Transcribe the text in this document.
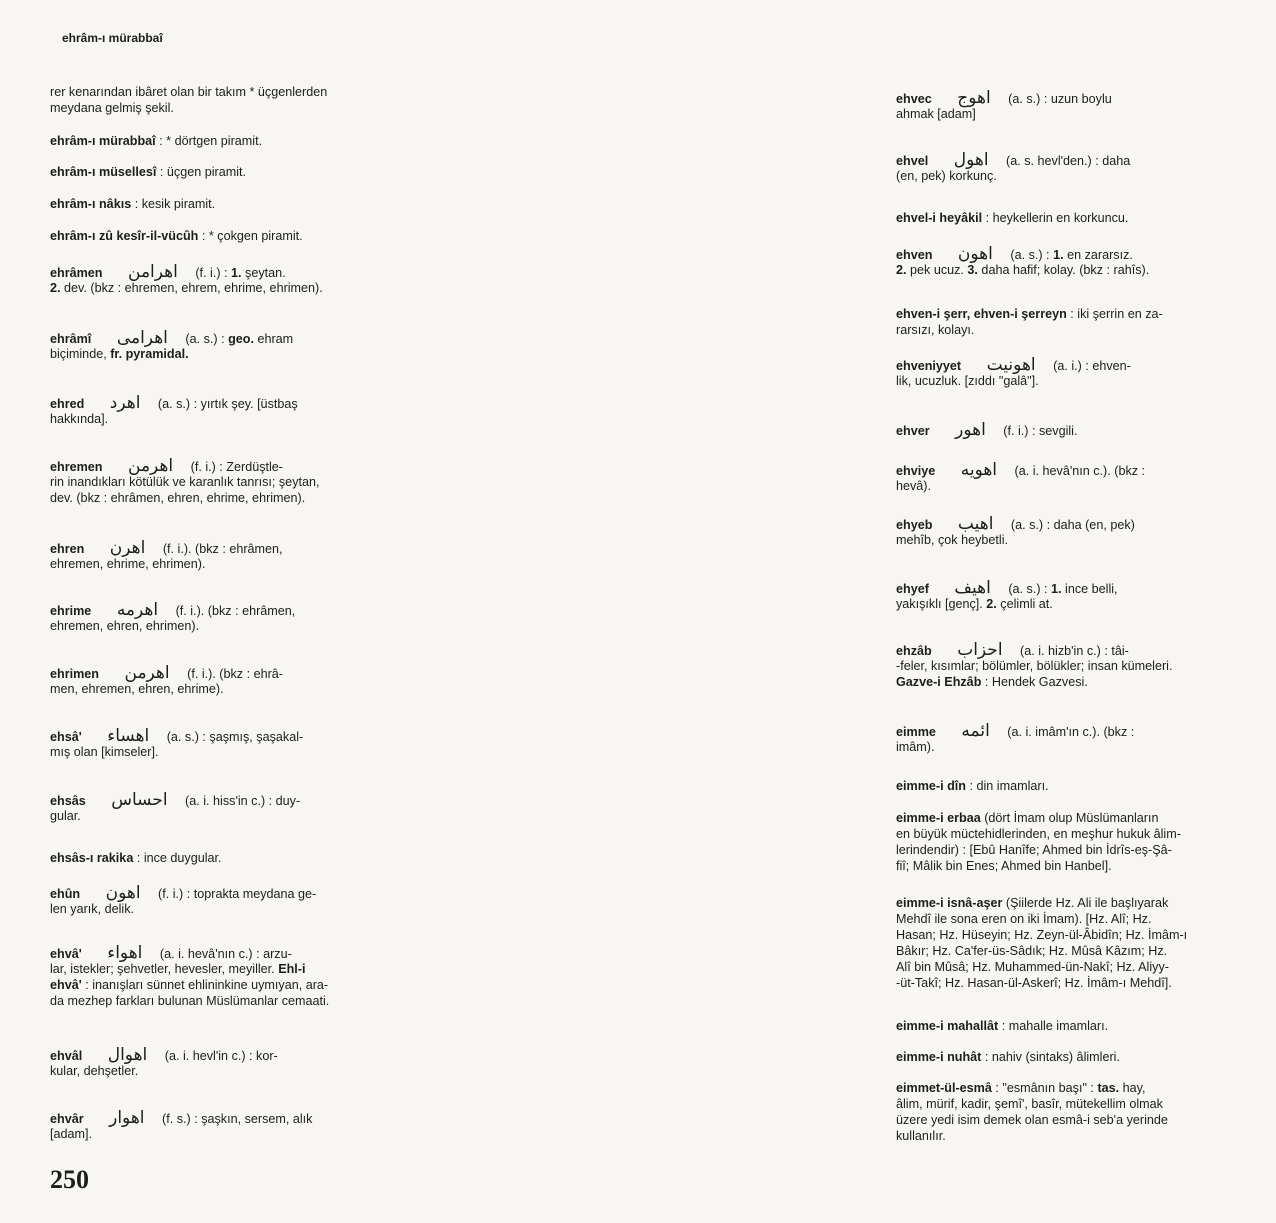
ehrâm-ı mürabbaî
rer kenarından ibâret olan bir takım * üçgenlerden
meydana gelmiş şekil.
ehrâm-ı mürabbaî : * dörtgen piramit.
ehrâm-ı müsellesî : üçgen piramit.
ehrâm-ı nâkıs : kesik piramit.
ehrâm-ı zû kesîr-il-vücûh : * çokgen piramit.
ehrâmen اهرامن (f. i.) : 1. şeytan.
2. dev. (bkz : ehremen, ehrem, ehrime, ehrimen).
ehrâmî اهرامی (a. s.) : geo. ehram
biçiminde, fr. pyramidal.
ehred اهرد (a. s.) : yırtık şey. [üstbaş
hakkında].
ehremen اهرمن (f. i.) : Zerdüştle-
rin inandıkları kötülük ve karanlık tanrısı; şeytan,
dev. (bkz : ehrâmen, ehren, ehrime, ehrimen).
ehren اهرن (f. i.). (bkz : ehrâmen,
ehremen, ehrime, ehrimen).
ehrime اهرمه (f. i.). (bkz : ehrâmen,
ehremen, ehren, ehrimen).
ehrimen اهرمن (f. i.). (bkz : ehrâ-
men, ehremen, ehren, ehrime).
ehsâ' اهساء (a. s.) : şaşmış, şaşakal-
mış olan [kimseler].
ehsâs احساس (a. i. hiss'in c.) : duy-
gular.
ehsâs-ı rakika : ince duygular.
ehûn اهون (f. i.) : toprakta meydana ge-
len yarık, delik.
ehvâ' اهواء (a. i. hevâ'nın c.) : arzu-
lar, istekler; şehvetler, hevesler, meyiller. Ehl-i
ehvâ' : inanışları sünnet ehlininkine uymıyan, ara-
da mezhep farkları bulunan Müslümanlar cemaati.
ehvâl اهوال (a. i. hevl'in c.) : kor-
kular, dehşetler.
ehvâr اهوار (f. s.) : şaşkın, sersem, alık
[adam].
ehvec اهوج (a. s.) : uzun boylu
ahmak [adam]
ehvel اهول (a. s. hevl'den.) : daha
(en, pek) korkunç.
ehvel-i heyâkil : heykellerin en korkuncu.
ehven اهون (a. s.) : 1. en zararsız.
2. pek ucuz. 3. daha hafif; kolay. (bkz : rahîs).
ehven-i şerr, ehven-i şerreyn : iki şerrin en za-
rarsızı, kolayı.
ehveniyyet اهونيت (a. i.) : ehven-
lik, ucuzluk. [zıddı "galâ"].
ehver اهور (f. i.) : sevgili.
ehviye اهويه (a. i. hevâ'nın c.). (bkz :
hevâ).
ehyeb اهيب (a. s.) : daha (en, pek)
mehîb, çok heybetli.
ehyef اهيف (a. s.) : 1. ince belli,
yakışıklı [genç]. 2. çelimli at.
ehzâb احزاب (a. i. hizb'in c.) : tâi-
-feler, kısımlar; bölümler, bölükler; insan kümeleri.
Gazve-i Ehzâb : Hendek Gazvesi.
eimme ائمه (a. i. imâm'ın c.). (bkz :
imâm).
eimme-i dîn : din imamları.
eimme-i erbaa (dört İmam olup Müslümanların
en büyük müctehidlerinden, en meşhur hukuk âlim-
lerindendir) : [Ebû Hanîfe; Ahmed bin İdrîs-eş-Şâ-
fiî; Mâlik bin Enes; Ahmed bin Hanbel].
eimme-i isnâ-aşer (Şiilerde Hz. Ali ile başlıyarak
Mehdî ile sona eren on iki İmam). [Hz. Alî; Hz.
Hasan; Hz. Hüseyin; Hz. Zeyn-ül-Âbidîn; Hz. İmâm-ı
Bâkır; Hz. Ca'fer-üs-Sâdık; Hz. Mûsâ Kâzım; Hz.
Alî bin Mûsâ; Hz. Muhammed-ün-Nakî; Hz. Aliyy-
-üt-Takî; Hz. Hasan-ül-Askerî; Hz. İmâm-ı Mehdî].
eimme-i mahallât : mahalle imamları.
eimme-i nuhât : nahiv (sintaks) âlimleri.
eimmet-ül-esmâ : "esmânın başı" : tas. hay,
âlim, mürif, kadir, şemî', basîr, mütekellim olmak
üzere yedi isim demek olan esmâ-i seb'a yerinde
kullanılır.
250
